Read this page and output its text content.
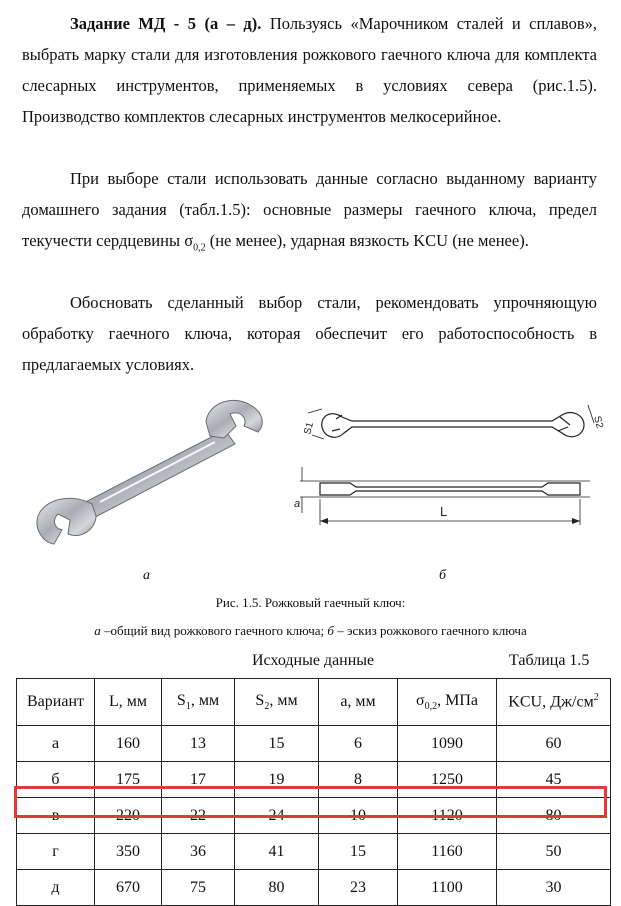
Задание МД - 5 (а – д). Пользуясь «Марочником сталей и сплавов», выбрать марку стали для изготовления рожкового гаечного ключа для комплекта слесарных инструментов, применяемых в условиях севера (рис.1.5). Производство комплектов слесарных инструментов мелкосерийное.

При выборе стали использовать данные согласно выданному варианту домашнего задания (табл.1.5): основные размеры гаечного ключа, предел текучести сердцевины $\sigma_{0,2}$ (не менее), ударная вязкость KCU (не менее).

Обосновать сделанный выбор стали, рекомендовать упрочняющую обработку гаечного ключа, которая обеспечит его работоспособность в предлагаемых условиях.

L
a
S1	S2
а	б
Рис. 1.5. Рожковый гаечный ключ:
а –общий вид рожкового гаечного ключа; б – эскиз рожкового гаечного ключа
Исходные данные	Таблица 1.5
Вариант	L, мм	$S_1$, мм	$S_2$, мм	a, мм	$\sigma_{0,2}$, МПа	KCU, $Дж/см^2$
а	160	13	15	6	1090	60
б	175	17	19	8	1250	45
в	220	22	24	10	1120	80
г	350	36	41	15	1160	50
д	670	75	80	23	1100	30
